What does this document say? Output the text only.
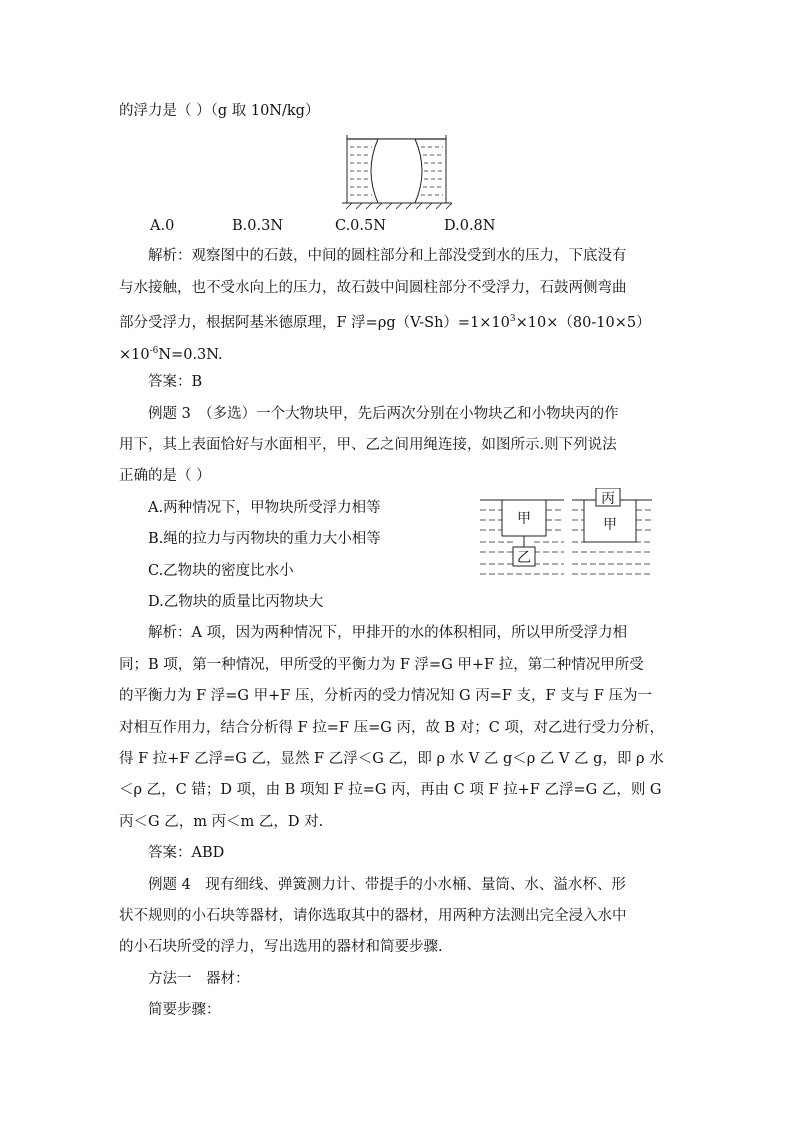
的浮力是（ ）（g 取 10N/kg）
A.0	B.0.3N	C.0.5N	D.0.8N
解析：观察图中的石鼓，中间的圆柱部分和上部没受到水的压力，下底没有
与水接触，也不受水向上的压力，故石鼓中间圆柱部分不受浮力，石鼓两侧弯曲
部分受浮力，根据阿基米德原理，F 浮$=\rho g(V-Sh)=1\times 10^3\times 10\times(80-10\times 5)$
$\times 10^{-6}N=0.3N$.
答案：B
例题 3　（多选）一个大物块甲，先后两次分别在小物块乙和小物块丙的作
用下，其上表面恰好与水面相平，甲、乙之间用绳连接，如图所示.则下列说法
正确的是（ ）
A.两种情况下，甲物块所受浮力相等
B.绳的拉力与丙物块的重力大小相等
C.乙物块的密度比水小
D.乙物块的质量比丙物块大
甲
乙
甲
丙
解析：A 项，因为两种情况下，甲排开的水的体积相同，所以甲所受浮力相
同；B 项，第一种情况，甲所受的平衡力为 F 浮=G 甲+F 拉，第二种情况甲所受
的平衡力为 F 浮=G 甲+F 压，分析丙的受力情况知 G 丙=F 支，F 支与 F 压为一
对相互作用力，结合分析得 F 拉=F 压=G 丙，故 B 对；C 项，对乙进行受力分析，
得 F 拉+F 乙浮=G 乙，显然 F 乙浮＜G 乙，即 ρ 水 V 乙 g＜ρ 乙 V 乙 g，即 ρ 水
＜ρ 乙，C 错；D 项，由 B 项知 F 拉=G 丙，再由 C 项 F 拉+F 乙浮=G 乙，则 G
丙＜G 乙，m 丙＜m 乙，D 对.
答案：ABD
例题 4　现有细线、弹簧测力计、带提手的小水桶、量筒、水、溢水杯、形
状不规则的小石块等器材，请你选取其中的器材，用两种方法测出完全浸入水中
的小石块所受的浮力，写出选用的器材和简要步骤.
方法一　器材：
简要步骤：
